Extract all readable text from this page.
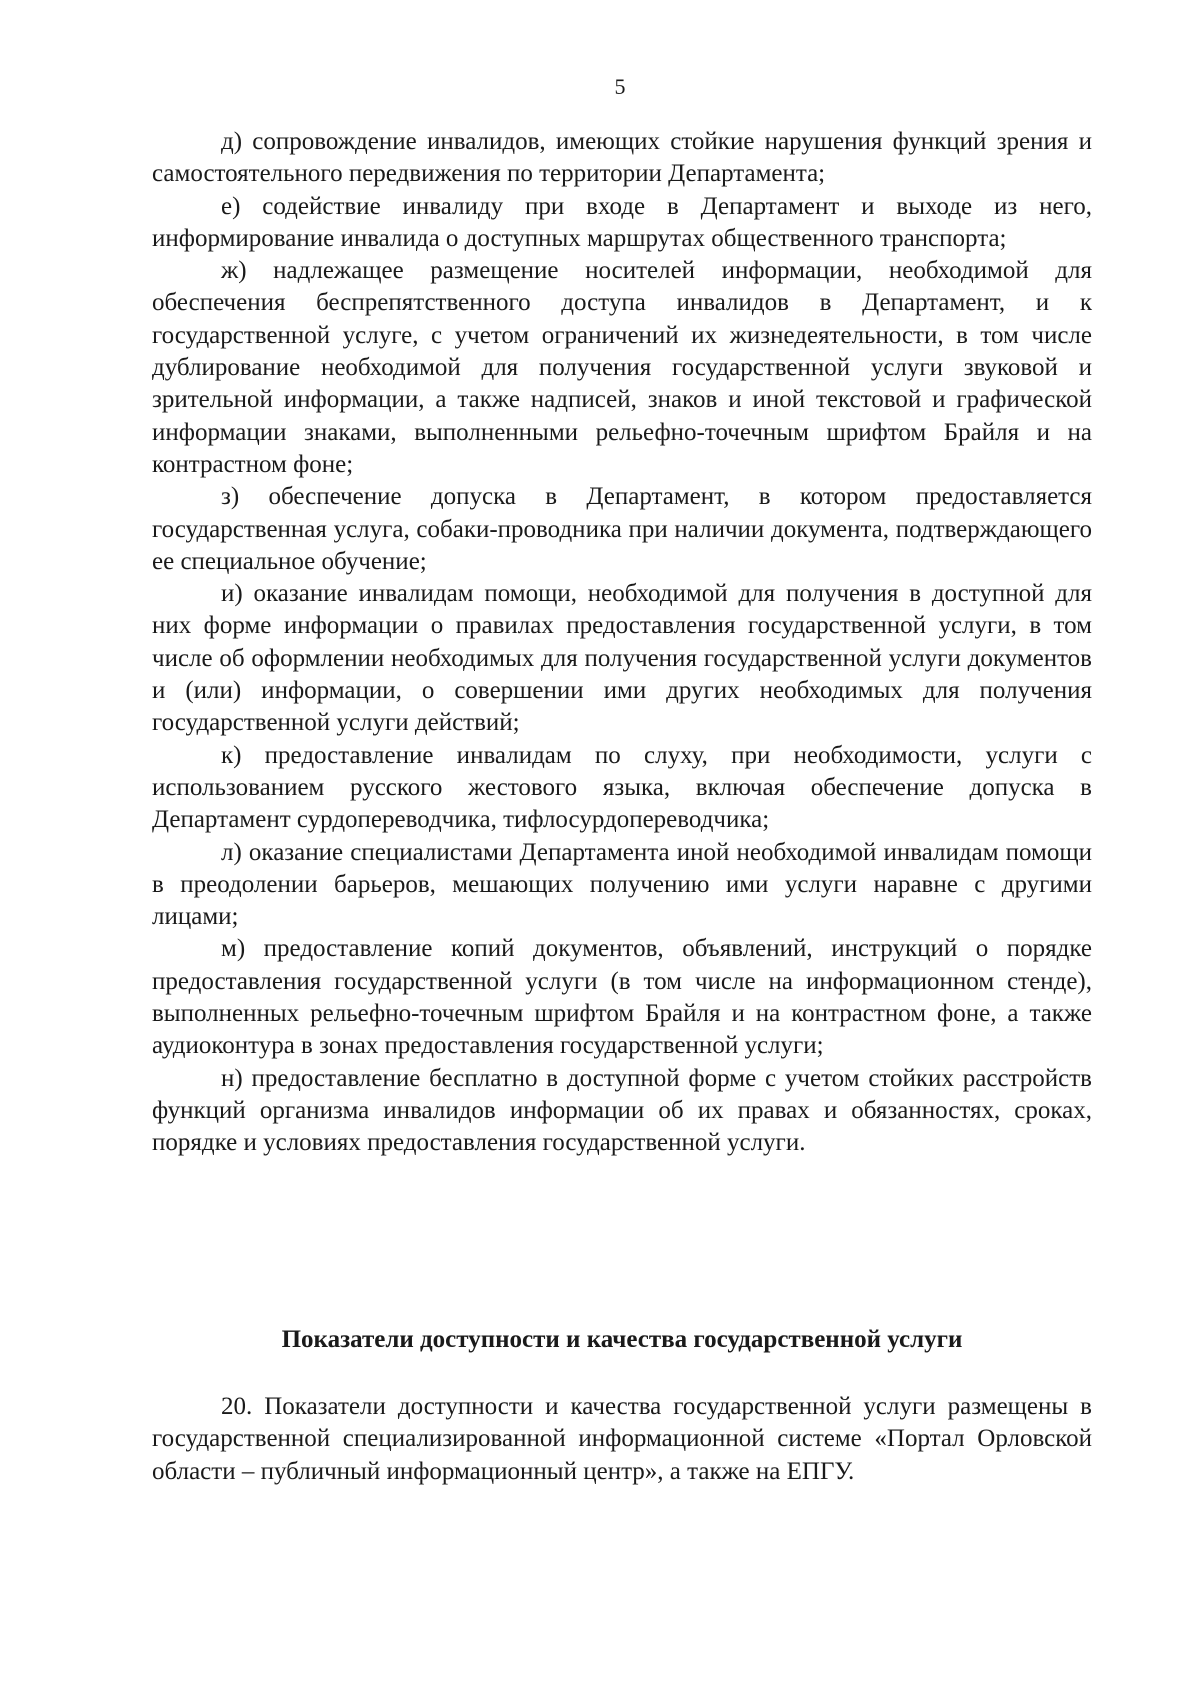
5

д) сопровождение инвалидов, имеющих стойкие нарушения функций зрения и самостоятельного передвижения по территории Департамента;

е) содействие инвалиду при входе в Департамент и выходе из него, информирование инвалида о доступных маршрутах общественного транспорта;

ж) надлежащее размещение носителей информации, необходимой для обеспечения беспрепятственного доступа инвалидов в Департамент, и к государственной услуге, с учетом ограничений их жизнедеятельности, в том числе дублирование необходимой для получения государственной услуги звуковой и зрительной информации, а также надписей, знаков и иной текстовой и графической информации знаками, выполненными рельефно-точечным шрифтом Брайля и на контрастном фоне;

з) обеспечение допуска в Департамент, в котором предоставляется государственная услуга, собаки-проводника при наличии документа, подтверждающего ее специальное обучение;

и) оказание инвалидам помощи, необходимой для получения в доступной для них форме информации о правилах предоставления государственной услуги, в том числе об оформлении необходимых для получения государственной услуги документов и (или) информации, о совершении ими других необходимых для получения государственной услуги действий;

к) предоставление инвалидам по слуху, при необходимости, услуги с использованием русского жестового языка, включая обеспечение допуска в Департамент сурдопереводчика, тифлосурдопереводчика;

л) оказание специалистами Департамента иной необходимой инвалидам помощи в преодолении барьеров, мешающих получению ими услуги наравне с другими лицами;

м) предоставление копий документов, объявлений, инструкций о порядке предоставления государственной услуги (в том числе на информационном стенде), выполненных рельефно-точечным шрифтом Брайля и на контрастном фоне, а также аудиоконтура в зонах предоставления государственной услуги;

н) предоставление бесплатно в доступной форме с учетом стойких расстройств функций организма инвалидов информации об их правах и обязанностях, сроках, порядке и условиях предоставления государственной услуги.

Показатели доступности и качества государственной услуги

20. Показатели доступности и качества государственной услуги размещены в государственной специализированной информационной системе «Портал Орловской области – публичный информационный центр», а также на ЕПГУ.
